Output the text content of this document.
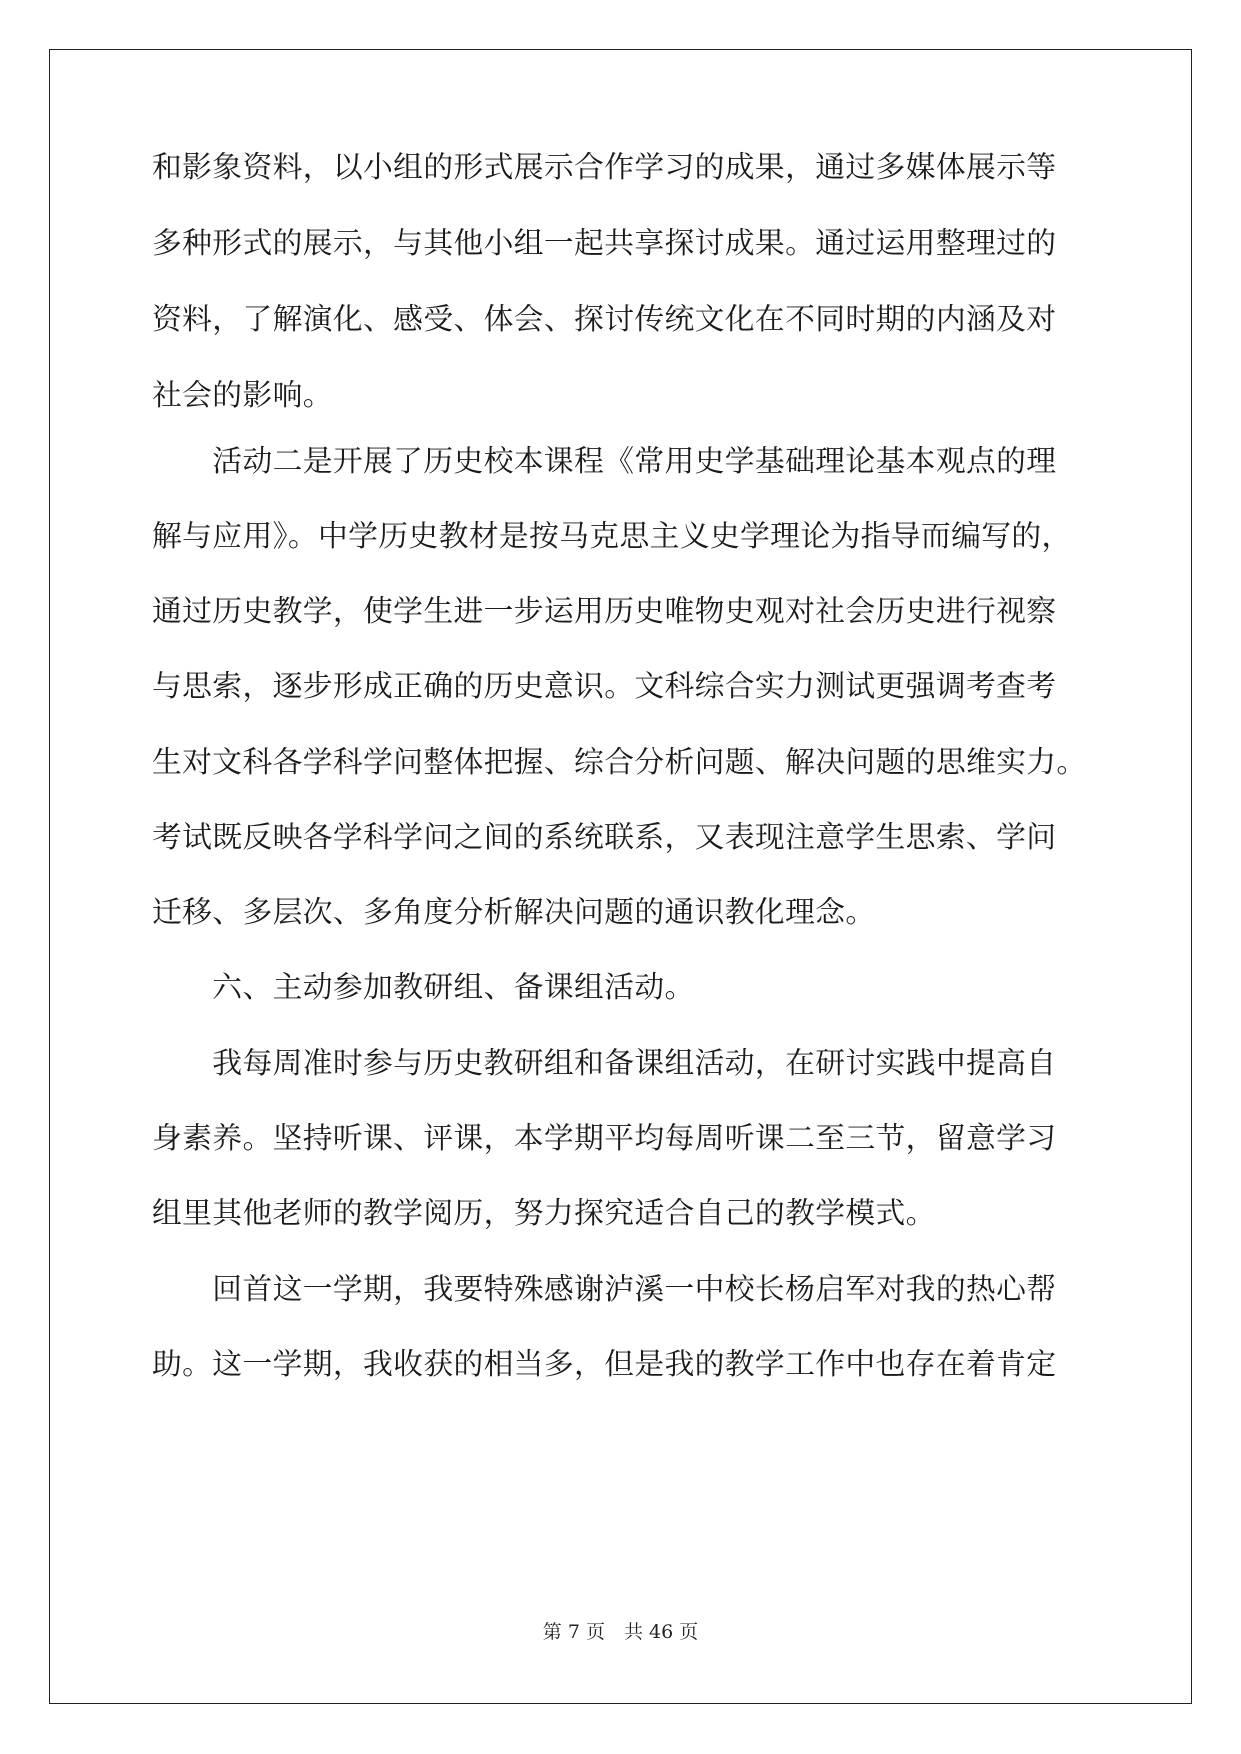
和影象资料，以小组的形式展示合作学习的成果，通过多媒体展示等
多种形式的展示，与其他小组一起共享探讨成果。通过运用整理过的
资料，了解演化、感受、体会、探讨传统文化在不同时期的内涵及对
社会的影响。
　　活动二是开展了历史校本课程《常用史学基础理论基本观点的理
解与应用》。中学历史教材是按马克思主义史学理论为指导而编写的，
通过历史教学，使学生进一步运用历史唯物史观对社会历史进行视察
与思索，逐步形成正确的历史意识。文科综合实力测试更强调考查考
生对文科各学科学问整体把握、综合分析问题、解决问题的思维实力。
考试既反映各学科学问之间的系统联系，又表现注意学生思索、学问
迁移、多层次、多角度分析解决问题的通识教化理念。
　　六、主动参加教研组、备课组活动。
　　我每周准时参与历史教研组和备课组活动，在研讨实践中提高自
身素养。坚持听课、评课，本学期平均每周听课二至三节，留意学习
组里其他老师的教学阅历，努力探究适合自己的教学模式。
　　回首这一学期，我要特殊感谢泸溪一中校长杨启军对我的热心帮
助。这一学期，我收获的相当多，但是我的教学工作中也存在着肯定
第 7 页　共 46 页
